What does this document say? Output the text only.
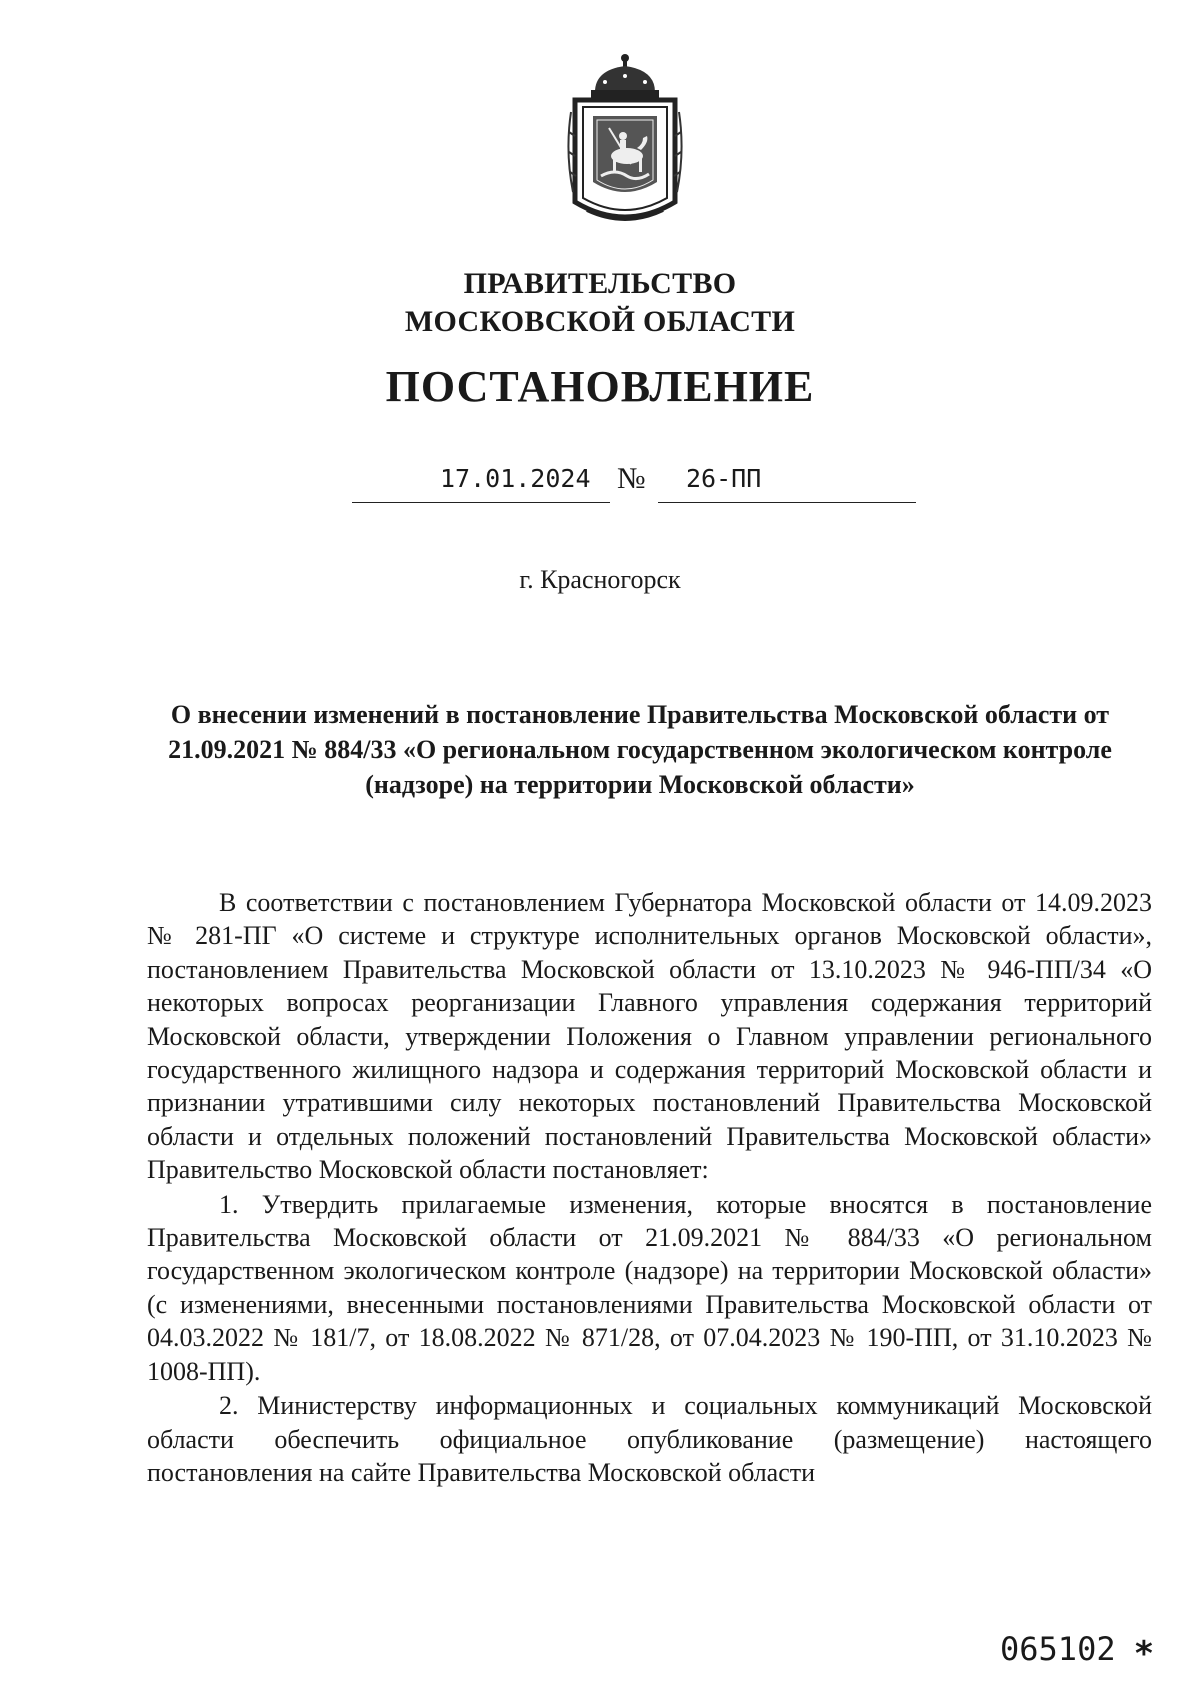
ПРАВИТЕЛЬСТВО
МОСКОВСКОЙ ОБЛАСТИ
ПОСТАНОВЛЕНИЕ
17.01.2024 № 26-ПП
г. Красногорск
О внесении изменений в постановление Правительства Московской области от 21.09.2021 № 884/33 «О региональном государственном экологическом контроле (надзоре) на территории Московской области»

В соответствии с постановлением Губернатора Московской области от 14.09.2023 № 281-ПГ «О системе и структуре исполнительных органов Московской области», постановлением Правительства Московской области от 13.10.2023 № 946-ПП/34 «О некоторых вопросах реорганизации Главного управления содержания территорий Московской области, утверждении Положения о Главном управлении регионального государственного жилищного надзора и содержания территорий Московской области и признании утратившими силу некоторых постановлений Правительства Московской области и отдельных положений постановлений Правительства Московской области» Правительство Московской области постановляет:

1. Утвердить прилагаемые изменения, которые вносятся в постановление Правительства Московской области от 21.09.2021 № 884/33 «О региональном государственном экологическом контроле (надзоре) на территории Московской области» (с изменениями, внесенными постановлениями Правительства Московской области от 04.03.2022 № 181/7, от 18.08.2022 № 871/28, от 07.04.2023 № 190-ПП, от 31.10.2023 № 1008-ПП).

2. Министерству информационных и социальных коммуникаций Московской области обеспечить официальное опубликование (размещение) настоящего постановления на сайте Правительства Московской области

065102 *
